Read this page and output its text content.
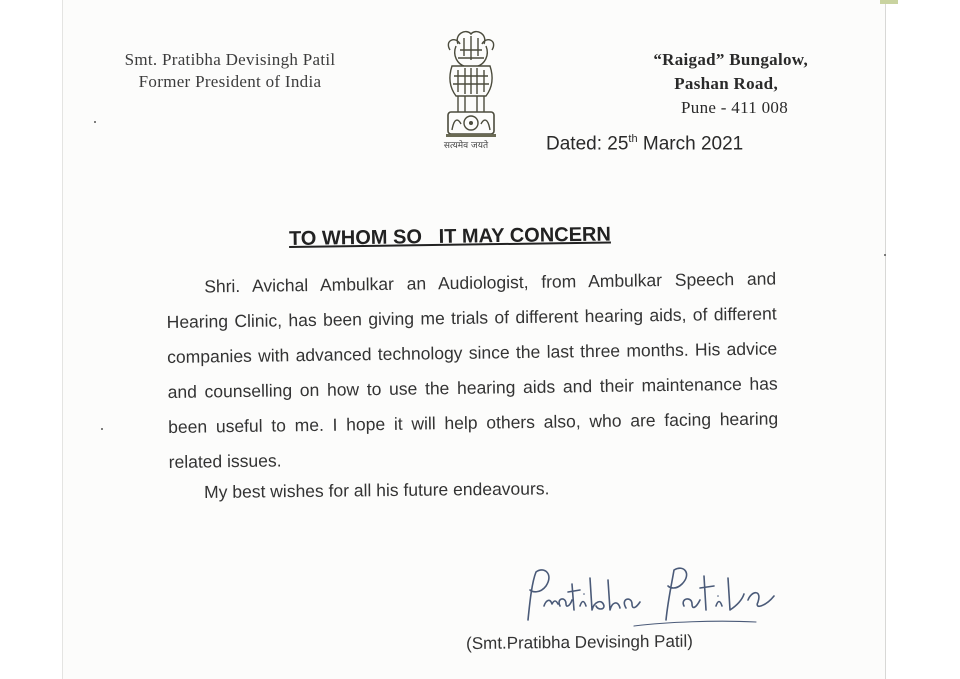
Smt. Pratibha Devisingh Patil
Former President of India
सत्यमेव जयते
“Raigad” Bungalow,
Pashan Road,
Pune - 411 008
Dated: 25th March 2021
TO WHOM SO   IT MAY CONCERN

Shri. Avichal Ambulkar an Audiologist, from Ambulkar Speech and Hearing Clinic, has been giving me trials of different hearing aids, of different companies with advanced technology since the last three months. His advice and counselling on how to use the hearing aids and their maintenance has been useful to me. I hope it will help others also, who are facing hearing related issues.

My best wishes for all his future endeavours.
(Smt.Pratibha Devisingh Patil)
